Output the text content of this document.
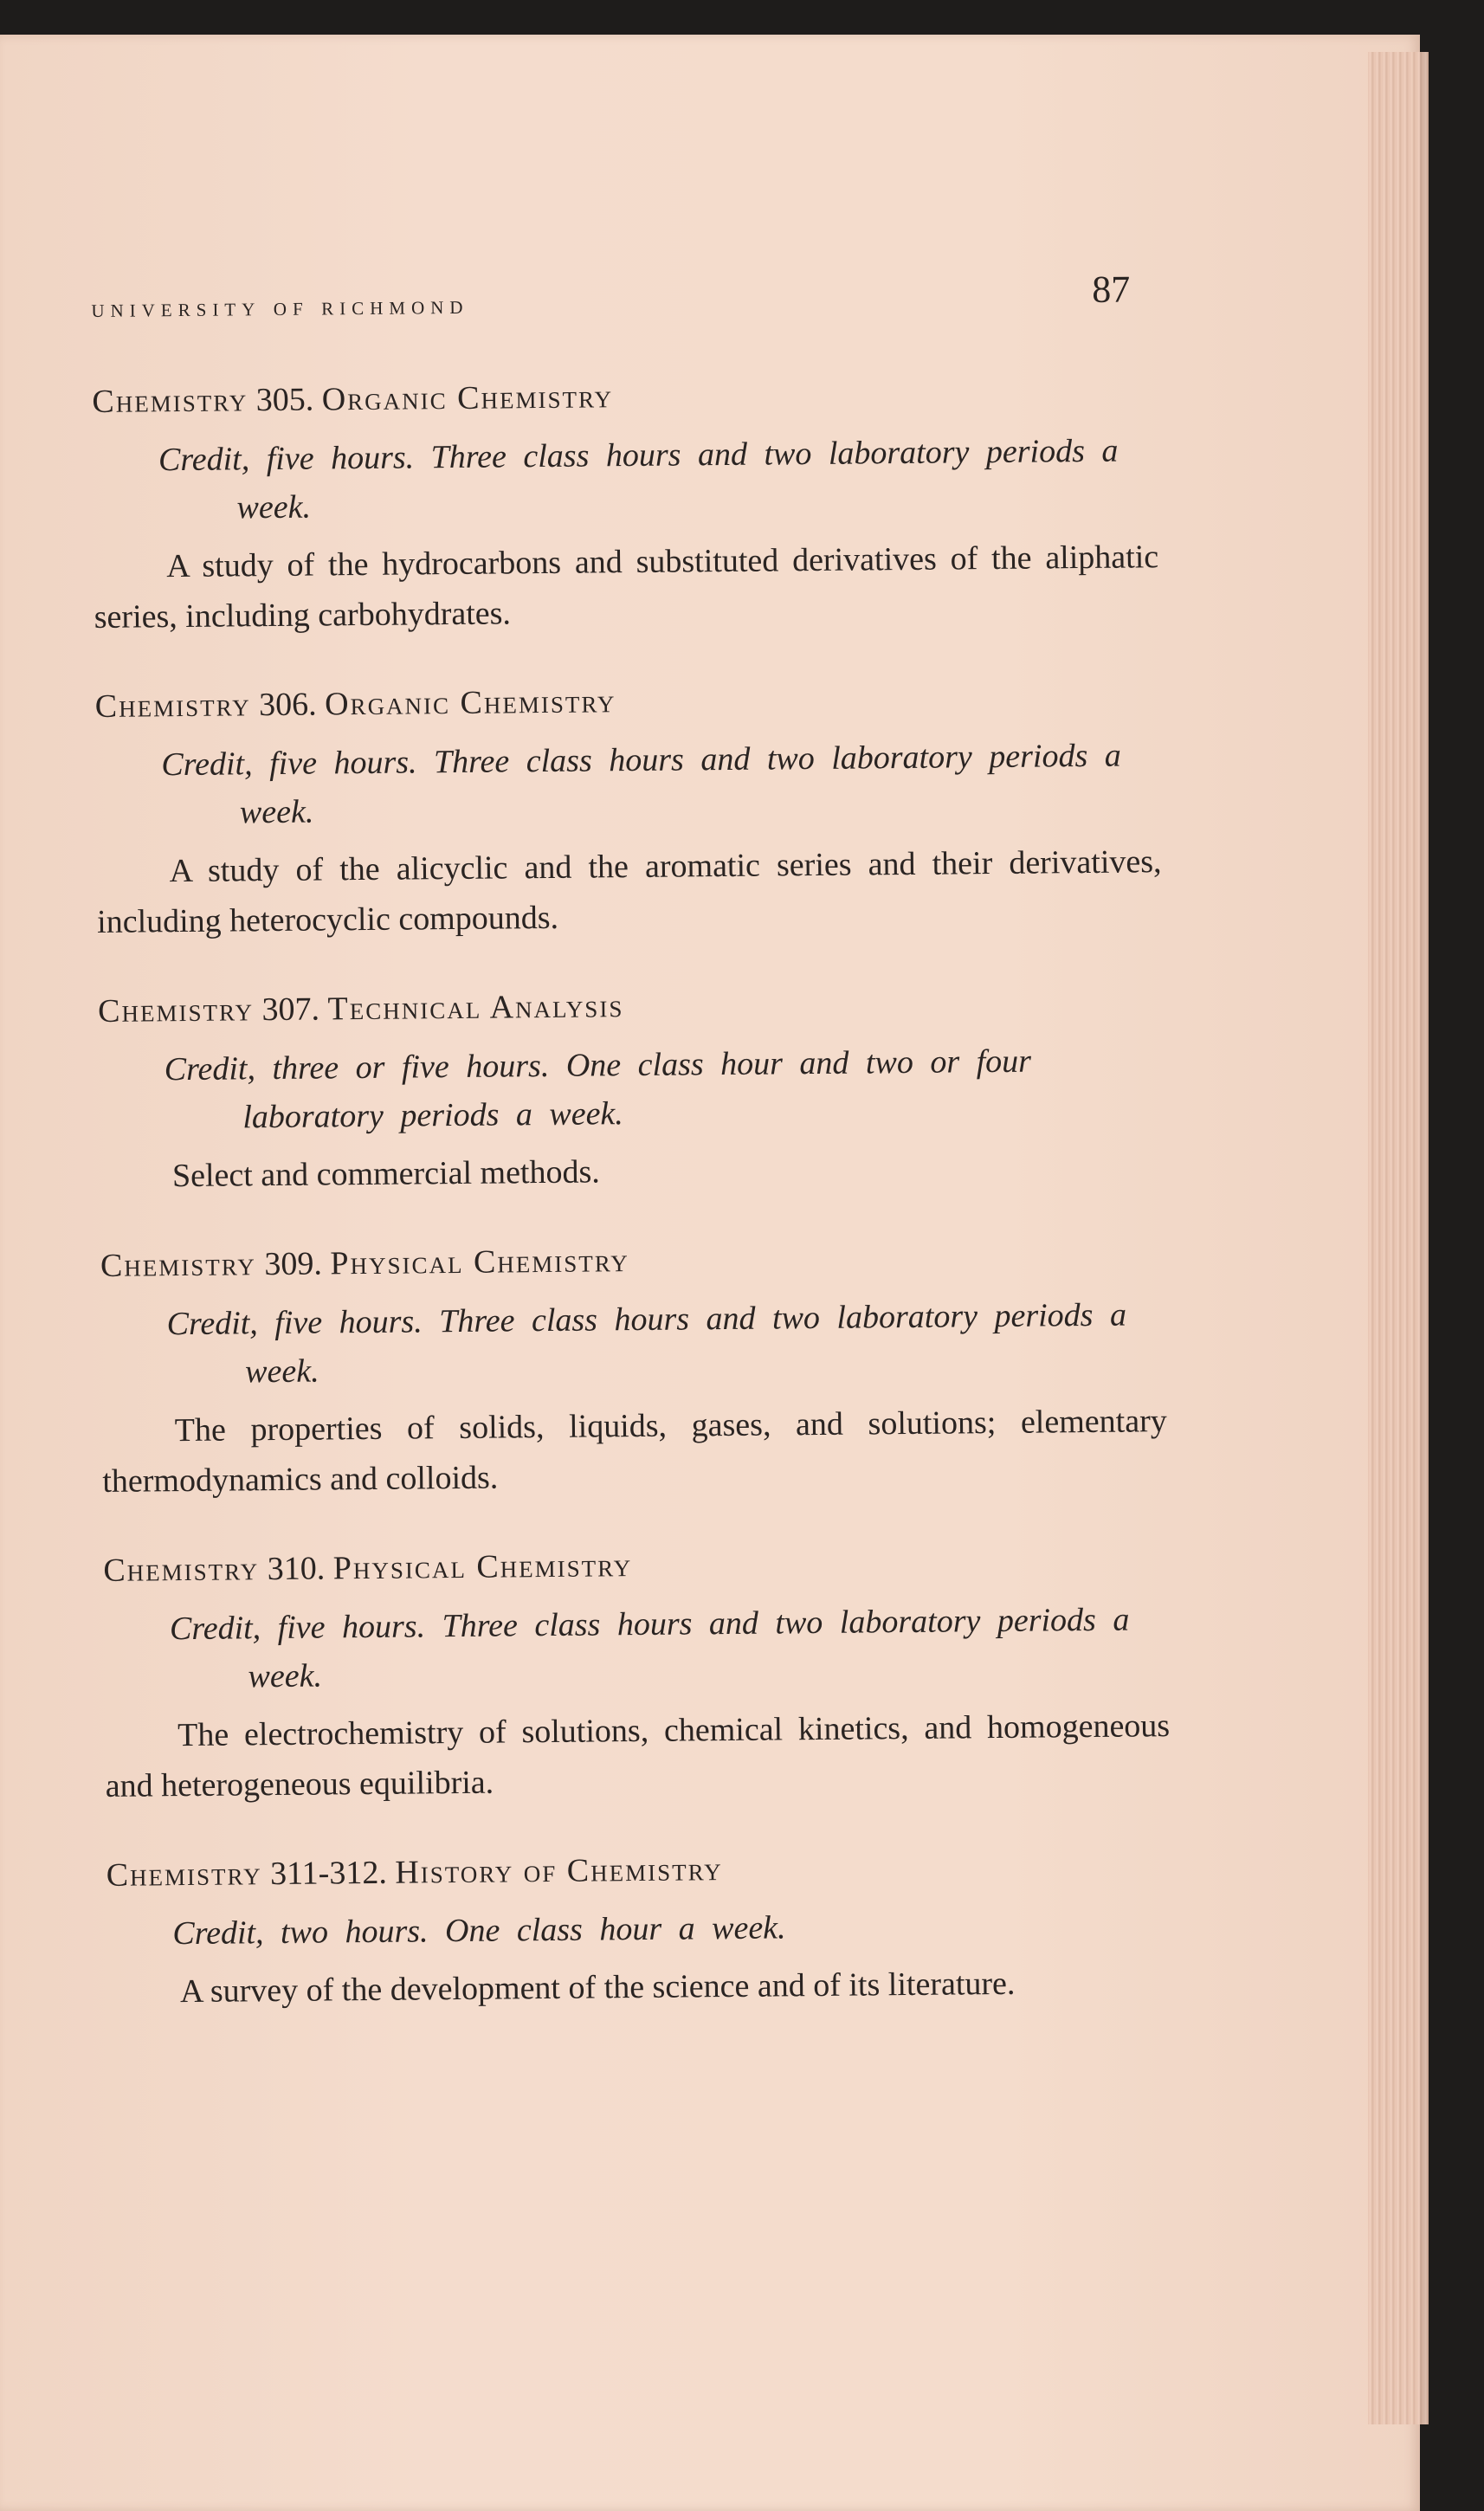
university of richmond	87

Chemistry 305. Organic Chemistry

Credit, five hours. Three class hours and two laboratory periods a week.

A study of the hydrocarbons and substituted derivatives of the aliphatic series, including carbohydrates.

Chemistry 306. Organic Chemistry

Credit, five hours. Three class hours and two laboratory periods a week.

A study of the alicyclic and the aromatic series and their derivatives, including heterocyclic compounds.

Chemistry 307. Technical Analysis

Credit, three or five hours. One class hour and two or four laboratory periods a week.

Select and commercial methods.

Chemistry 309. Physical Chemistry

Credit, five hours. Three class hours and two laboratory periods a week.

The properties of solids, liquids, gases, and solutions; elementary thermodynamics and colloids.

Chemistry 310. Physical Chemistry

Credit, five hours. Three class hours and two laboratory periods a week.

The electrochemistry of solutions, chemical kinetics, and homogeneous and heterogeneous equilibria.

Chemistry 311-312. History of Chemistry

Credit, two hours. One class hour a week.

A survey of the development of the science and of its literature.
